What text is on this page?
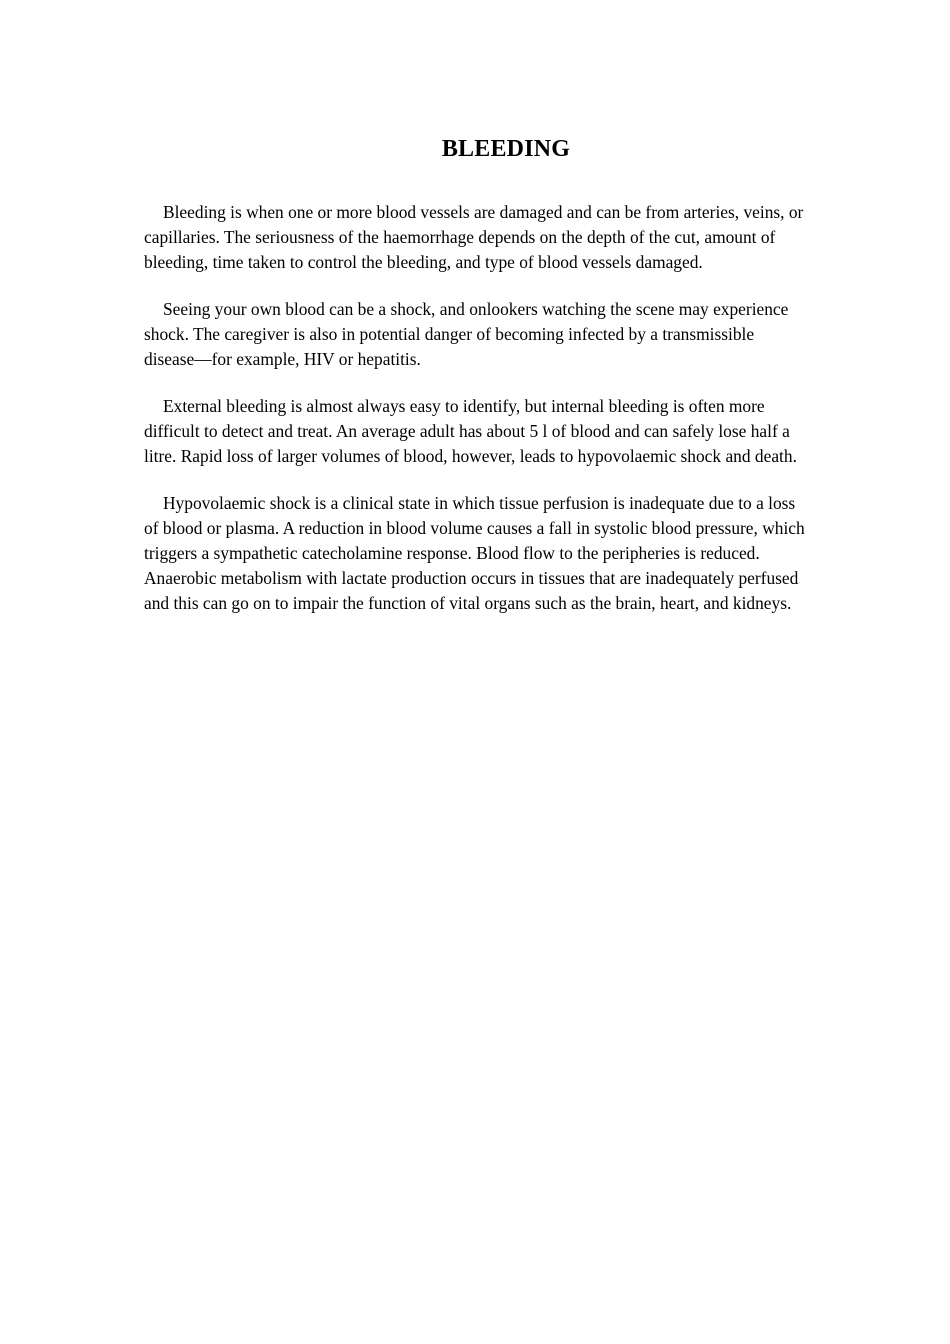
BLEEDING

Bleeding is when one or more blood vessels are damaged and can be from arteries, veins, or capillaries. The seriousness of the haemorrhage depends on the depth of the cut, amount of bleeding, time taken to control the bleeding, and type of blood vessels damaged.

Seeing your own blood can be a shock, and onlookers watching the scene may experience shock. The caregiver is also in potential danger of becoming infected by a transmissible disease—for example, HIV or hepatitis.

External bleeding is almost always easy to identify, but internal bleeding is often more difficult to detect and treat. An average adult has about 5 l of blood and can safely lose half a litre. Rapid loss of larger volumes of blood, however, leads to hypovolaemic shock and death.

Hypovolaemic shock is a clinical state in which tissue perfusion is inadequate due to a loss of blood or plasma. A reduction in blood volume causes a fall in systolic blood pressure, which triggers a sympathetic catecholamine response. Blood flow to the peripheries is reduced. Anaerobic metabolism with lactate production occurs in tissues that are inadequately perfused and this can go on to impair the function of vital organs such as the brain, heart, and kidneys.
